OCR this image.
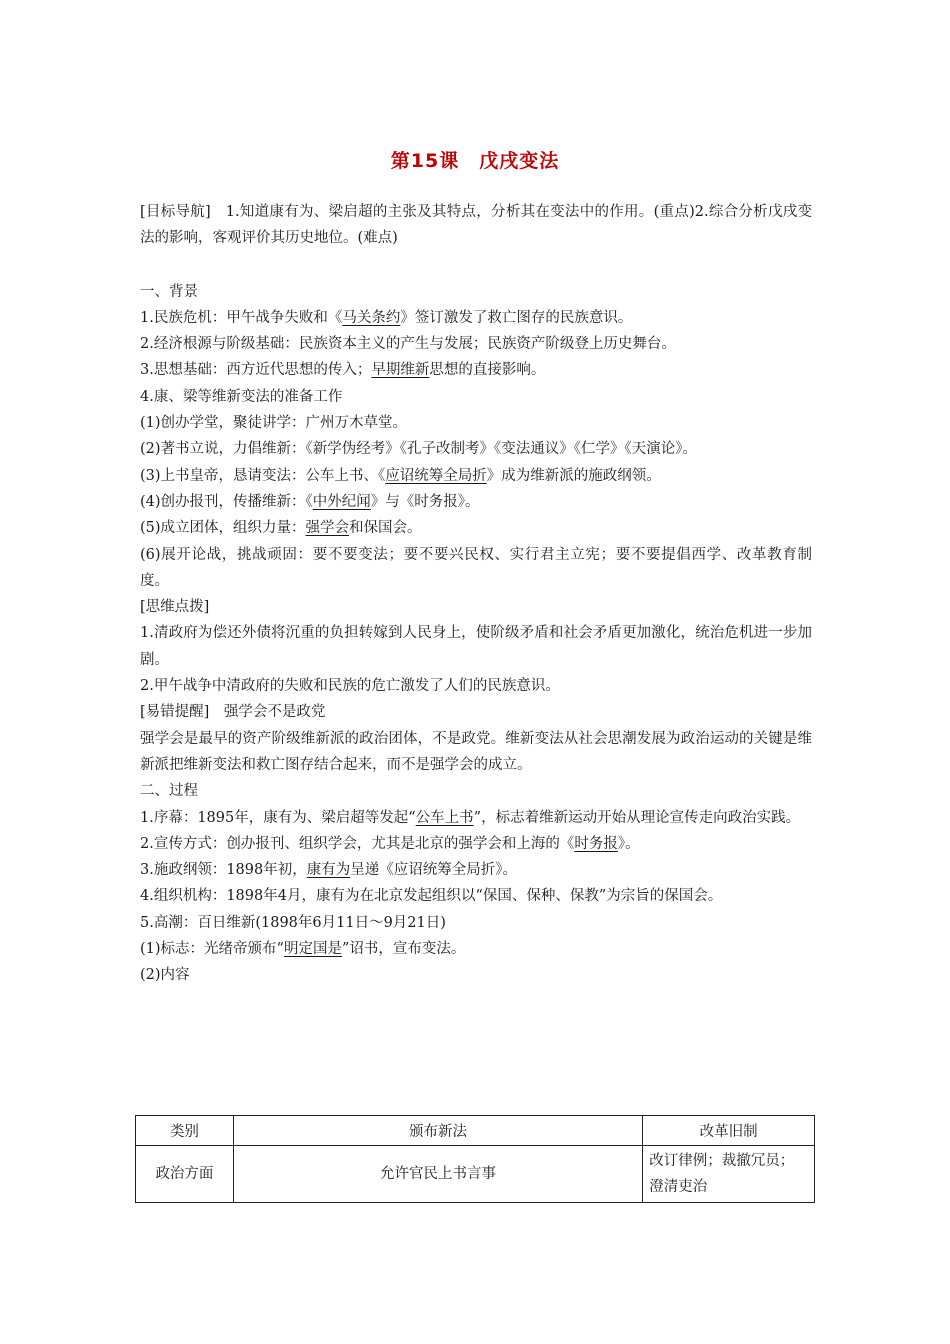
第15课　戊戌变法

[目标导航]　1.知道康有为、梁启超的主张及其特点，分析其在变法中的作用。(重点)2.综合分析戊戌变法的影响，客观评价其历史地位。(难点)

一、背景

1.民族危机：甲午战争失败和《马关条约》签订激发了救亡图存的民族意识。

2.经济根源与阶级基础：民族资本主义的产生与发展；民族资产阶级登上历史舞台。

3.思想基础：西方近代思想的传入；早期维新思想的直接影响。

4.康、梁等维新变法的准备工作

(1)创办学堂，聚徒讲学：广州万木草堂。

(2)著书立说，力倡维新：《新学伪经考》《孔子改制考》《变法通议》《仁学》《天演论》。

(3)上书皇帝，恳请变法：公车上书、《应诏统筹全局折》成为维新派的施政纲领。

(4)创办报刊，传播维新：《中外纪闻》与《时务报》。

(5)成立团体，组织力量：强学会和保国会。

(6)展开论战，挑战顽固：要不要变法；要不要兴民权、实行君主立宪；要不要提倡西学、改革教育制度。

[思维点拨]

1.清政府为偿还外债将沉重的负担转嫁到人民身上，使阶级矛盾和社会矛盾更加激化，统治危机进一步加剧。

2.甲午战争中清政府的失败和民族的危亡激发了人们的民族意识。

[易错提醒]　强学会不是政党

强学会是最早的资产阶级维新派的政治团体，不是政党。维新变法从社会思潮发展为政治运动的关键是维新派把维新变法和救亡图存结合起来，而不是强学会的成立。

二、过程

1.序幕：1895年，康有为、梁启超等发起“公车上书”，标志着维新运动开始从理论宣传走向政治实践。

2.宣传方式：创办报刊、组织学会，尤其是北京的强学会和上海的《时务报》。

3.施政纲领：1898年初，康有为呈递《应诏统筹全局折》。

4.组织机构：1898年4月，康有为在北京发起组织以“保国、保种、保教”为宗旨的保国会。

5.高潮：百日维新(1898年6月11日～9月21日)

(1)标志：光绪帝颁布“明定国是”诏书，宣布变法。

(2)内容

类别	颁布新法	改革旧制
政治方面	允许官民上书言事	改订律例；裁撤冗员；澄清吏治
